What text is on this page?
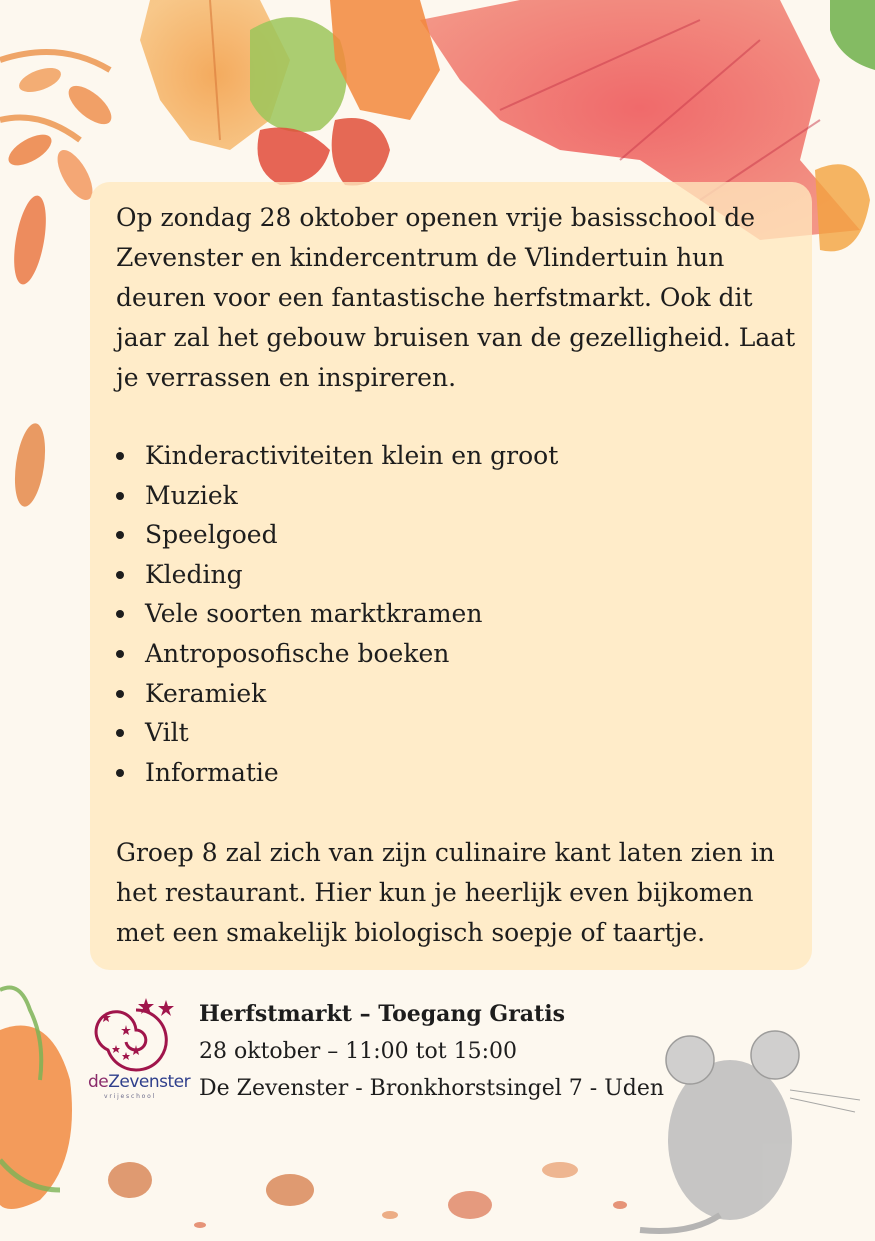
Op zondag 28 oktober openen vrije basisschool de Zevenster en kindercentrum de Vlindertuin hun deuren voor een fantastische herfstmarkt. Ook dit jaar zal het gebouw bruisen van de gezelligheid. Laat je verrassen en inspireren.

Kinderactiviteiten klein en groot
Muziek
Speelgoed
Kleding
Vele soorten marktkramen
Antroposofische boeken
Keramiek
Vilt
Informatie

Groep 8 zal zich van zijn culinaire kant laten zien in het restaurant. Hier kun je heerlijk even bijkomen met een smakelijk biologisch soepje of taartje.

deZevenster
vrijeschool
Herfstmarkt – Toegang Gratis
28 oktober – 11:00 tot 15:00
De Zevenster - Bronkhorstsingel 7 - Uden
